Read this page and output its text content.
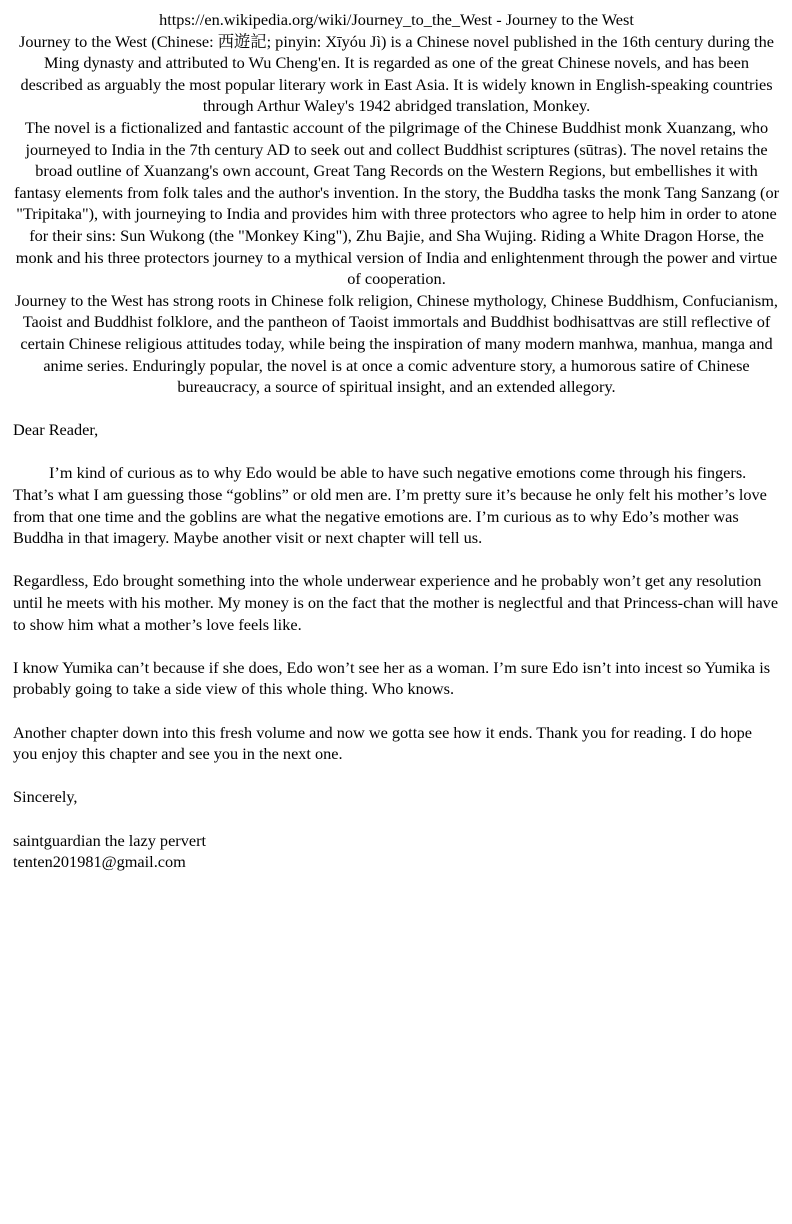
https://en.wikipedia.org/wiki/Journey_to_the_West - Journey to the West

Journey to the West (Chinese: 西遊記; pinyin: Xīyóu Jì) is a Chinese novel published in the 16th century during the Ming dynasty and attributed to Wu Cheng'en. It is regarded as one of the great Chinese novels, and has been described as arguably the most popular literary work in East Asia. It is widely known in English-speaking countries through Arthur Waley's 1942 abridged translation, Monkey.

The novel is a fictionalized and fantastic account of the pilgrimage of the Chinese Buddhist monk Xuanzang, who journeyed to India in the 7th century AD to seek out and collect Buddhist scriptures (sūtras). The novel retains the broad outline of Xuanzang's own account, Great Tang Records on the Western Regions, but embellishes it with fantasy elements from folk tales and the author's invention. In the story, the Buddha tasks the monk Tang Sanzang (or "Tripitaka"), with journeying to India and provides him with three protectors who agree to help him in order to atone for their sins: Sun Wukong (the "Monkey King"), Zhu Bajie, and Sha Wujing. Riding a White Dragon Horse, the monk and his three protectors journey to a mythical version of India and enlightenment through the power and virtue of cooperation.

Journey to the West has strong roots in Chinese folk religion, Chinese mythology, Chinese Buddhism, Confucianism, Taoist and Buddhist folklore, and the pantheon of Taoist immortals and Buddhist bodhisattvas are still reflective of certain Chinese religious attitudes today, while being the inspiration of many modern manhwa, manhua, manga and anime series. Enduringly popular, the novel is at once a comic adventure story, a humorous satire of Chinese bureaucracy, a source of spiritual insight, and an extended allegory.

Dear Reader,

I’m kind of curious as to why Edo would be able to have such negative emotions come through his fingers. That’s what I am guessing those “goblins” or old men are. I’m pretty sure it’s because he only felt his mother’s love from that one time and the goblins are what the negative emotions are. I’m curious as to why Edo’s mother was Buddha in that imagery. Maybe another visit or next chapter will tell us.

Regardless, Edo brought something into the whole underwear experience and he probably won’t get any resolution until he meets with his mother. My money is on the fact that the mother is neglectful and that Princess-chan will have to show him what a mother’s love feels like.

I know Yumika can’t because if she does, Edo won’t see her as a woman. I’m sure Edo isn’t into incest so Yumika is probably going to take a side view of this whole thing. Who knows.

Another chapter down into this fresh volume and now we gotta see how it ends. Thank you for reading. I do hope you enjoy this chapter and see you in the next one.

Sincerely,

saintguardian the lazy pervert
tenten201981@gmail.com
